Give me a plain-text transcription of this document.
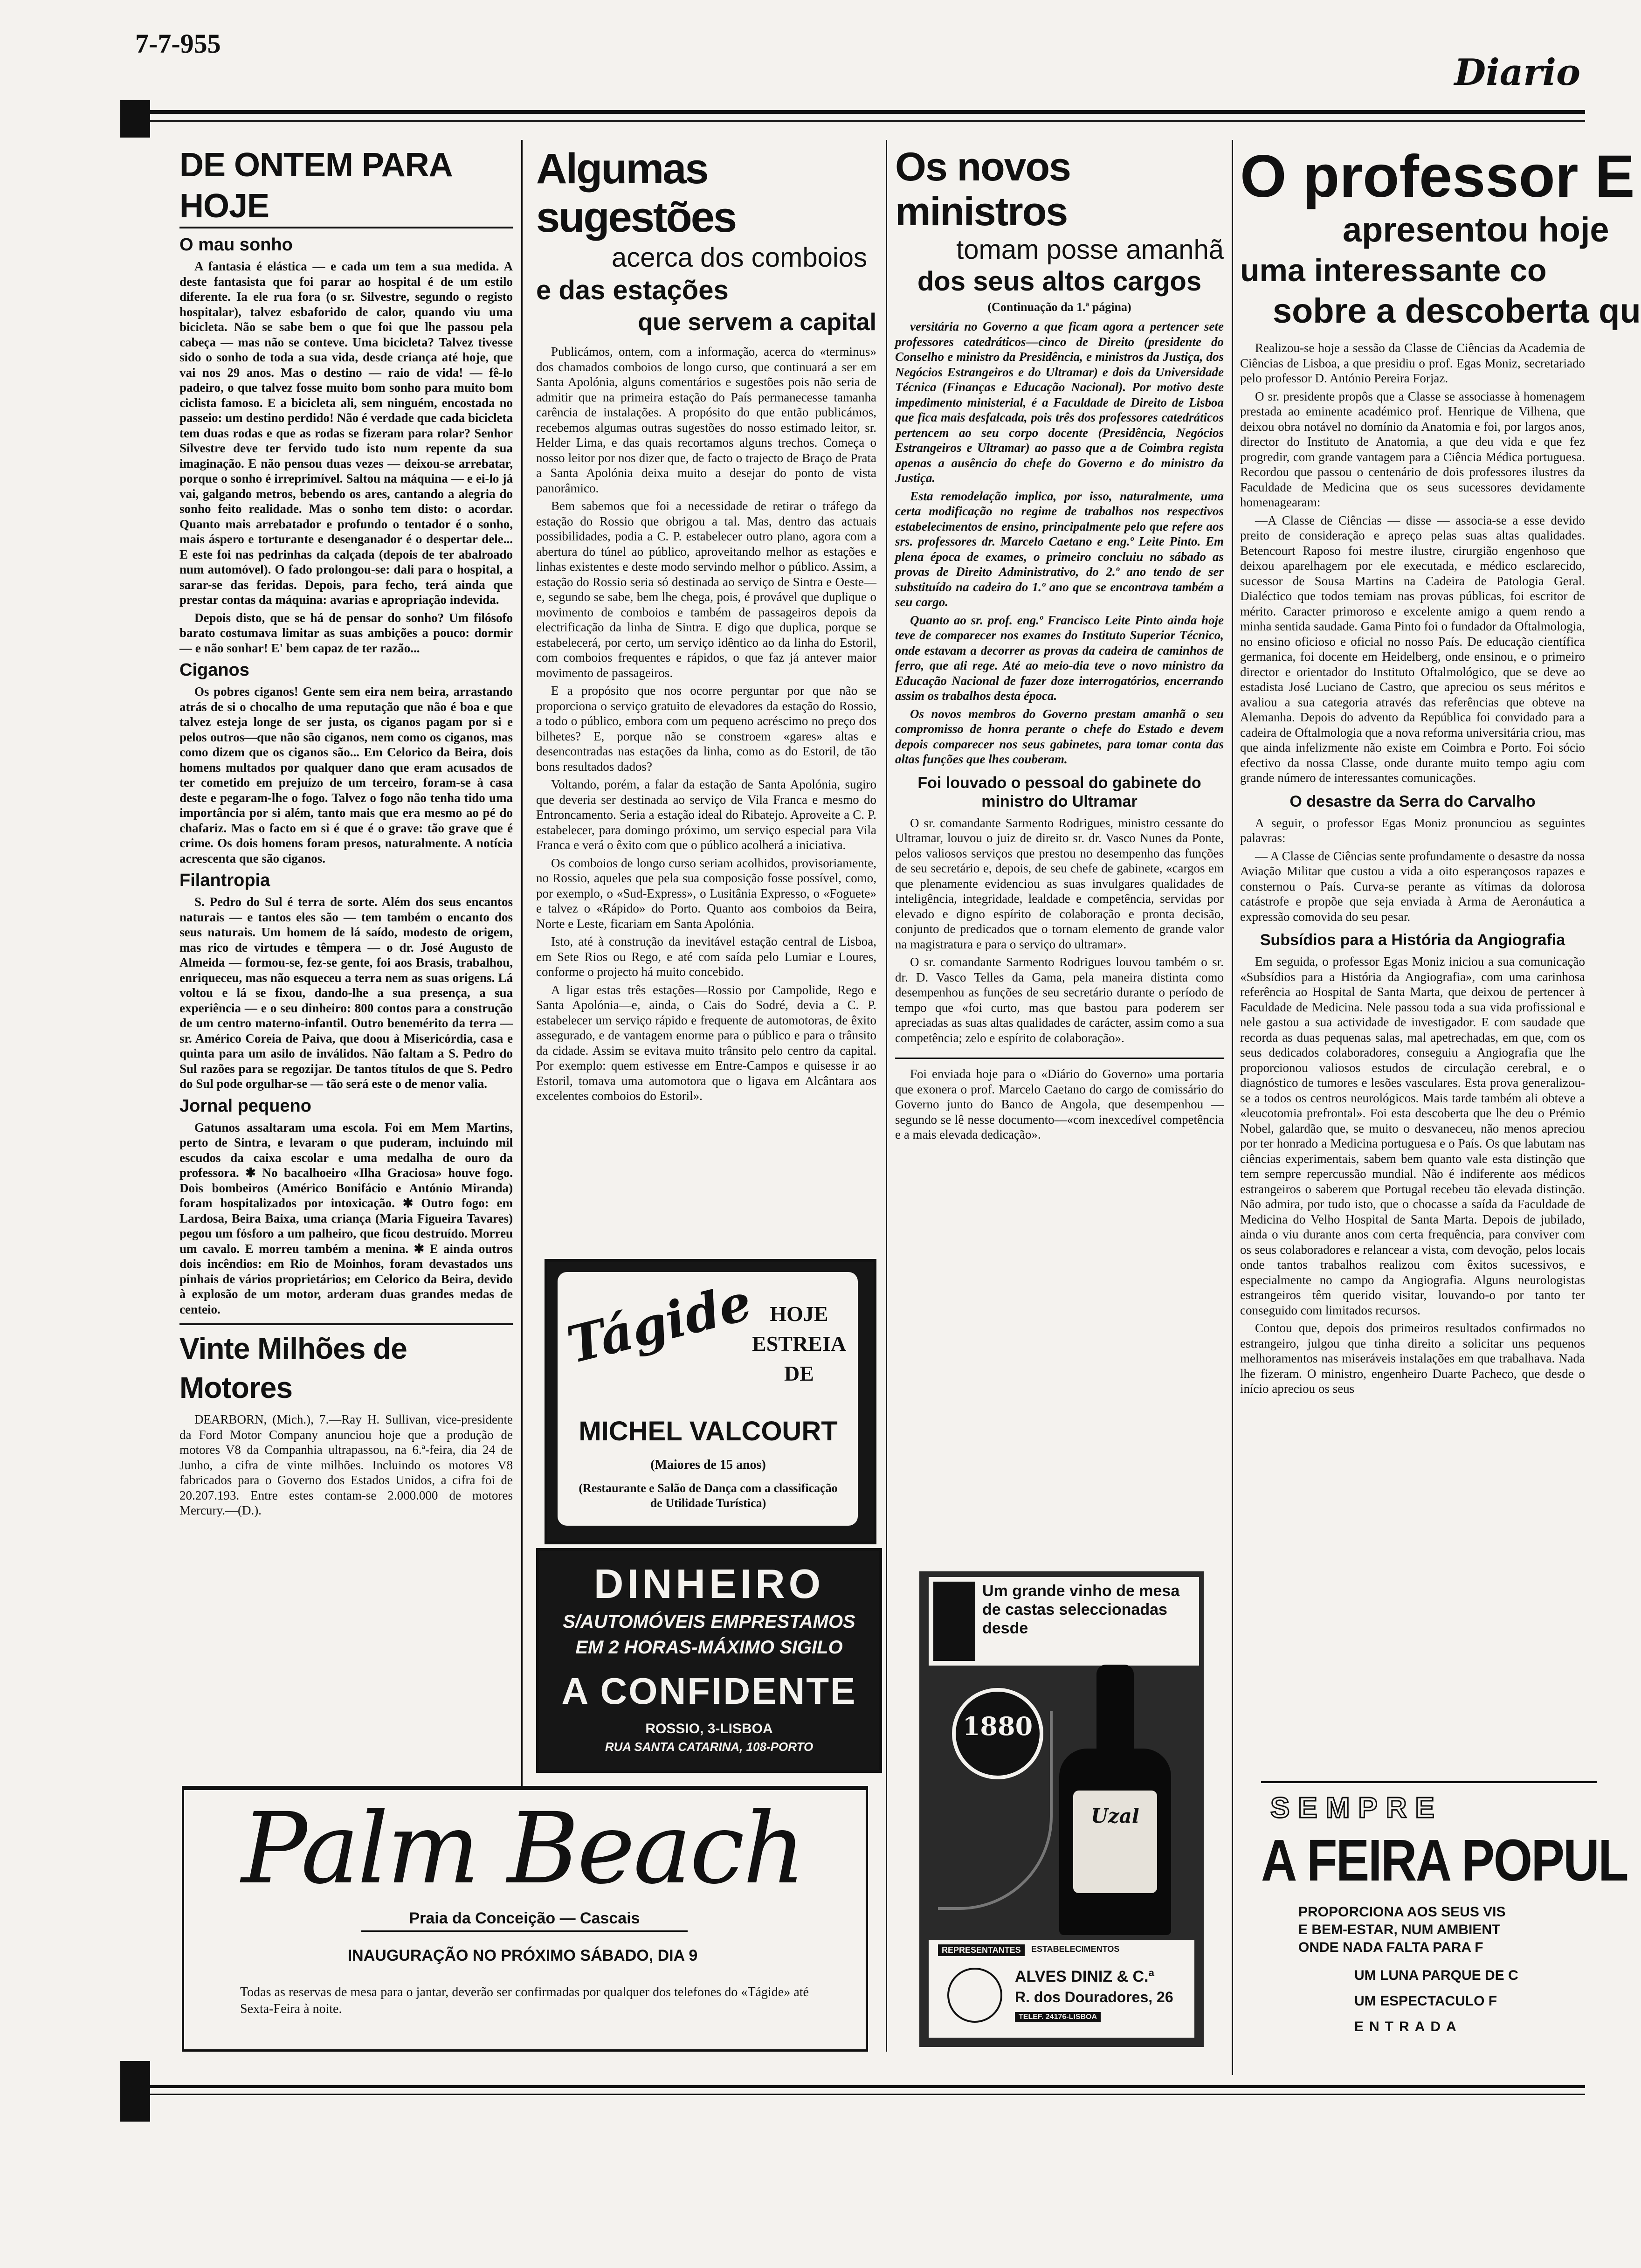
7-7-955
Diario
DE ONTEM PARA HOJE
O mau sonho

A fantasia é elástica — e cada um tem a sua medida. A deste fantasista que foi parar ao hospital é de um estilo diferente. Ia ele rua fora (o sr. Silvestre, segundo o registo hospitalar), talvez esbaforido de calor, quando viu uma bicicleta. Não se sabe bem o que foi que lhe passou pela cabeça — mas não se conteve. Uma bicicleta? Talvez tivesse sido o sonho de toda a sua vida, desde criança até hoje, que vai nos 29 anos. Mas o destino — raio de vida! — fê-lo padeiro, o que talvez fosse muito bom sonho para muito bom ciclista famoso. E a bicicleta ali, sem ninguém, encostada no passeio: um destino perdido! Não é verdade que cada bicicleta tem duas rodas e que as rodas se fizeram para rolar? Senhor Silvestre deve ter fervido tudo isto num repente da sua imaginação. E não pensou duas vezes — deixou-se arrebatar, porque o sonho é irreprimível. Saltou na máquina — e ei-lo já vai, galgando metros, bebendo os ares, cantando a alegria do sonho feito realidade. Mas o sonho tem disto: o acordar. Quanto mais arrebatador e profundo o tentador é o sonho, mais áspero e torturante e desenganador é o despertar dele... E este foi nas pedrinhas da calçada (depois de ter abalroado num automóvel). O fado prolongou-se: dali para o hospital, a sarar-se das feridas. Depois, para fecho, terá ainda que prestar contas da máquina: avarias e apropriação indevida.

Depois disto, que se há de pensar do sonho? Um filósofo barato costumava limitar as suas ambições a pouco: dormir — e não sonhar! E' bem capaz de ter razão...

Ciganos

Os pobres ciganos! Gente sem eira nem beira, arrastando atrás de si o chocalho de uma reputação que não é boa e que talvez esteja longe de ser justa, os ciganos pagam por si e pelos outros—que não são ciganos, nem como os ciganos, mas como dizem que os ciganos são... Em Celorico da Beira, dois homens multados por qualquer dano que eram acusados de ter cometido em prejuízo de um terceiro, foram-se à casa deste e pegaram-lhe o fogo. Talvez o fogo não tenha tido uma importância por si além, tanto mais que era mesmo ao pé do chafariz. Mas o facto em si é que é o grave: tão grave que é crime. Os dois homens foram presos, naturalmente. A notícia acrescenta que são ciganos.

Filantropia

S. Pedro do Sul é terra de sorte. Além dos seus encantos naturais — e tantos eles são — tem também o encanto dos seus naturais. Um homem de lá saído, modesto de origem, mas rico de virtudes e têmpera — o dr. José Augusto de Almeida — formou-se, fez-se gente, foi aos Brasis, trabalhou, enriqueceu, mas não esqueceu a terra nem as suas origens. Lá voltou e lá se fixou, dando-lhe a sua presença, a sua experiência — e o seu dinheiro: 800 contos para a construção de um centro materno-infantil. Outro benemérito da terra — sr. Américo Coreia de Paiva, que doou à Misericórdia, casa e quinta para um asilo de inválidos. Não faltam a S. Pedro do Sul razões para se regozijar. De tantos títulos de que S. Pedro do Sul pode orgulhar-se — tão será este o de menor valia.

Jornal pequeno

Gatunos assaltaram uma escola. Foi em Mem Martins, perto de Sintra, e levaram o que puderam, incluindo mil escudos da caixa escolar e uma medalha de ouro da professora. ✱ No bacalhoeiro «Ilha Graciosa» houve fogo. Dois bombeiros (Américo Bonifácio e António Miranda) foram hospitalizados por intoxicação. ✱ Outro fogo: em Lardosa, Beira Baixa, uma criança (Maria Figueira Tavares) pegou um fósforo a um palheiro, que ficou destruído. Morreu um cavalo. E morreu também a menina. ✱ E ainda outros dois incêndios: em Rio de Moinhos, foram devastados uns pinhais de vários proprietários; em Celorico da Beira, devido à explosão de um motor, arderam duas grandes medas de centeio.

Vinte Milhões de Motores

DEARBORN, (Mich.), 7.—Ray H. Sullivan, vice-presidente da Ford Motor Company anunciou hoje que a produção de motores V8 da Companhia ultrapassou, na 6.ª-feira, dia 24 de Junho, a cifra de vinte milhões. Incluindo os motores V8 fabricados para o Governo dos Estados Unidos, a cifra foi de 20.207.193. Entre estes contam-se 2.000.000 de motores Mercury.—(D.).

Algumas sugestões
acerca dos comboios
e das estações
que servem a capital

Publicámos, ontem, com a informação, acerca do «terminus» dos chamados comboios de longo curso, que continuará a ser em Santa Apolónia, alguns comentários e sugestões pois não seria de admitir que na primeira estação do País permanecesse tamanha carência de instalações. A propósito do que então publicámos, recebemos algumas outras sugestões do nosso estimado leitor, sr. Helder Lima, e das quais recortamos alguns trechos. Começa o nosso leitor por nos dizer que, de facto o trajecto de Braço de Prata a Santa Apolónia deixa muito a desejar do ponto de vista panorâmico.

Bem sabemos que foi a necessidade de retirar o tráfego da estação do Rossio que obrigou a tal. Mas, dentro das actuais possibilidades, podia a C. P. estabelecer outro plano, agora com a abertura do túnel ao público, aproveitando melhor as estações e linhas existentes e deste modo servindo melhor o público. Assim, a estação do Rossio seria só destinada ao serviço de Sintra e Oeste—e, segundo se sabe, bem lhe chega, pois, é provável que duplique o movimento de comboios e também de passageiros depois da electrificação da linha de Sintra. E digo que duplica, porque se estabelecerá, por certo, um serviço idêntico ao da linha do Estoril, com comboios frequentes e rápidos, o que faz já antever maior movimento de passageiros.

E a propósito que nos ocorre perguntar por que não se proporciona o serviço gratuito de elevadores da estação do Rossio, a todo o público, embora com um pequeno acréscimo no preço dos bilhetes? E, porque não se constroem «gares» altas e desencontradas nas estações da linha, como as do Estoril, de tão bons resultados dados?

Voltando, porém, a falar da estação de Santa Apolónia, sugiro que deveria ser destinada ao serviço de Vila Franca e mesmo do Entroncamento. Seria a estação ideal do Ribatejo. Aproveite a C. P. estabelecer, para domingo próximo, um serviço especial para Vila Franca e verá o êxito com que o público acolherá a iniciativa.

Os comboios de longo curso seriam acolhidos, provisoriamente, no Rossio, aqueles que pela sua composição fosse possível, como, por exemplo, o «Sud-Express», o Lusitânia Expresso, o «Foguete» e talvez o «Rápido» do Porto. Quanto aos comboios da Beira, Norte e Leste, ficariam em Santa Apolónia.

Isto, até à construção da inevitável estação central de Lisboa, em Sete Rios ou Rego, e até com saída pelo Lumiar e Loures, conforme o projecto há muito concebido.

A ligar estas três estações—Rossio por Campolide, Rego e Santa Apolónia—e, ainda, o Cais do Sodré, devia a C. P. estabelecer um serviço rápido e frequente de automotoras, de êxito assegurado, e de vantagem enorme para o público e para o trânsito da cidade. Assim se evitava muito trânsito pelo centro da capital. Por exemplo: quem estivesse em Entre-Campos e quisesse ir ao Estoril, tomava uma automotora que o ligava em Alcântara aos excelentes comboios do Estoril».

Os novos ministros
tomam posse amanhã
dos seus altos cargos
(Continuação da 1.ª página)

versitária no Governo a que ficam agora a pertencer sete professores catedráticos—cinco de Direito (presidente do Conselho e ministro da Presidência, e ministros da Justiça, dos Negócios Estrangeiros e do Ultramar) e dois da Universidade Técnica (Finanças e Educação Nacional). Por motivo deste impedimento ministerial, é a Faculdade de Direito de Lisboa que fica mais desfalcada, pois três dos professores catedráticos pertencem ao seu corpo docente (Presidência, Negócios Estrangeiros e Ultramar) ao passo que a de Coimbra regista apenas a ausência do chefe do Governo e do ministro da Justiça.

Esta remodelação implica, por isso, naturalmente, uma certa modificação no regime de trabalhos nos respectivos estabelecimentos de ensino, principalmente pelo que refere aos srs. professores dr. Marcelo Caetano e eng.º Leite Pinto. Em plena época de exames, o primeiro concluiu no sábado as provas de Direito Administrativo, do 2.º ano tendo de ser substituído na cadeira do 1.º ano que se encontrava também a seu cargo.

Quanto ao sr. prof. eng.º Francisco Leite Pinto ainda hoje teve de comparecer nos exames do Instituto Superior Técnico, onde estavam a decorrer as provas da cadeira de caminhos de ferro, que ali rege. Até ao meio-dia teve o novo ministro da Educação Nacional de fazer doze interrogatórios, encerrando assim os trabalhos desta época.

Os novos membros do Governo prestam amanhã o seu compromisso de honra perante o chefe do Estado e devem depois comparecer nos seus gabinetes, para tomar conta das altas funções que lhes couberam.

Foi louvado o pessoal do gabinete do ministro do Ultramar

O sr. comandante Sarmento Rodrigues, ministro cessante do Ultramar, louvou o juiz de direito sr. dr. Vasco Nunes da Ponte, pelos valiosos serviços que prestou no desempenho das funções de seu secretário e, depois, de seu chefe de gabinete, «cargos em que plenamente evidenciou as suas invulgares qualidades de inteligência, integridade, lealdade e competência, servidas por elevado e digno espírito de colaboração e pronta decisão, conjunto de predicados que o tornam elemento de grande valor na magistratura e para o serviço do ultramar».

O sr. comandante Sarmento Rodrigues louvou também o sr. dr. D. Vasco Telles da Gama, pela maneira distinta como desempenhou as funções de seu secretário durante o período de tempo que «foi curto, mas que bastou para poderem ser apreciadas as suas altas qualidades de carácter, assim como a sua competência; zelo e espírito de colaboração».

Foi enviada hoje para o «Diário do Governo» uma portaria que exonera o prof. Marcelo Caetano do cargo de comissário do Governo junto do Banco de Angola, que desempenhou —segundo se lê nesse documento—«com inexcedível competência e a mais elevada dedicação».

O professor E
apresentou hoje
uma interessante co
sobre a descoberta qu

Realizou-se hoje a sessão da Classe de Ciências da Academia de Ciências de Lisboa, a que presidiu o prof. Egas Moniz, secretariado pelo professor D. António Pereira Forjaz.

O sr. presidente propôs que a Classe se associasse à homenagem prestada ao eminente académico prof. Henrique de Vilhena, que deixou obra notável no domínio da Anatomia e foi, por largos anos, director do Instituto de Anatomia, a que deu vida e que fez progredir, com grande vantagem para a Ciência Médica portuguesa. Recordou que passou o centenário de dois professores ilustres da Faculdade de Medicina que os seus sucessores devidamente homenagearam:

—A Classe de Ciências — disse — associa-se a esse devido preito de consideração e apreço pelas suas altas qualidades. Betencourt Raposo foi mestre ilustre, cirurgião engenhoso que deixou aparelhagem por ele executada, e médico esclarecido, sucessor de Sousa Martins na Cadeira de Patologia Geral. Dialéctico que todos temiam nas provas públicas, foi escritor de mérito. Caracter primoroso e excelente amigo a quem rendo a minha sentida saudade. Gama Pinto foi o fundador da Oftalmologia, no ensino oficioso e oficial no nosso País. De educação científica germanica, foi docente em Heidelberg, onde ensinou, e o primeiro director e orientador do Instituto Oftalmológico, que se deve ao estadista José Luciano de Castro, que apreciou os seus méritos e avaliou a sua categoria através das referências que obteve na Alemanha. Depois do advento da República foi convidado para a cadeira de Oftalmologia que a nova reforma universitária criou, mas que ainda infelizmente não existe em Coimbra e Porto. Foi sócio efectivo da nossa Classe, onde durante muito tempo agiu com grande número de interessantes comunicações.

O desastre da Serra do Carvalho

A seguir, o professor Egas Moniz pronunciou as seguintes palavras:

— A Classe de Ciências sente profundamente o desastre da nossa Aviação Militar que custou a vida a oito esperançosos rapazes e consternou o País. Curva-se perante as vítimas da dolorosa catástrofe e propõe que seja enviada à Arma de Aeronáutica a expressão comovida do seu pesar.

Subsídios para a História da Angiografia

Em seguida, o professor Egas Moniz iniciou a sua comunicação «Subsídios para a História da Angiografia», com uma carinhosa referência ao Hospital de Santa Marta, que deixou de pertencer à Faculdade de Medicina. Nele passou toda a sua vida profissional e nele gastou a sua actividade de investigador. E com saudade que recorda as duas pequenas salas, mal apetrechadas, em que, com os seus dedicados colaboradores, conseguiu a Angiografia que lhe proporcionou valiosos estudos de circulação cerebral, e o diagnóstico de tumores e lesões vasculares. Esta prova generalizou-se a todos os centros neurológicos. Mais tarde também ali obteve a «leucotomia prefrontal». Foi esta descoberta que lhe deu o Prémio Nobel, galardão que, se muito o desvaneceu, não menos apreciou por ter honrado a Medicina portuguesa e o País. Os que labutam nas ciências experimentais, sabem bem quanto vale esta distinção que tem sempre repercussão mundial. Não é indiferente aos médicos estrangeiros o saberem que Portugal recebeu tão elevada distinção. Não admira, por tudo isto, que o chocasse a saída da Faculdade de Medicina do Velho Hospital de Santa Marta. Depois de jubilado, ainda o viu durante anos com certa frequência, para conviver com os seus colaboradores e relancear a vista, com devoção, pelos locais onde tantos trabalhos realizou com êxitos sucessivos, e especialmente no campo da Angiografia. Alguns neurologistas estrangeiros têm querido visitar, louvando-o por tanto ter conseguido com limitados recursos.

Contou que, depois dos primeiros resultados confirmados no estrangeiro, julgou que tinha direito a solicitar uns pequenos melhoramentos nas miseráveis instalações em que trabalhava. Nada lhe fizeram. O ministro, engenheiro Duarte Pacheco, que desde o início apreciou os seus

Tágide HOJE
ESTREIA
DE
MICHEL VALCOURT
(Maiores de 15 anos)
(Restaurante e Salão de Dança com a classificação de Utilidade Turística)
DINHEIRO
S/AUTOMÓVEIS EMPRESTAMOS
EM 2 HORAS-MÁXIMO SIGILO
A CONFIDENTE
ROSSIO, 3-LISBOA
RUA SANTA CATARINA, 108-PORTO
Palm Beach
Praia da Conceição — Cascais
INAUGURAÇÃO NO PRÓXIMO SÁBADO, DIA 9
Todas as reservas de mesa para o jantar, deverão ser confirmadas por qualquer dos telefones do «Tágide» até Sexta-Feira à noite.
Um grande vinho de mesa de castas seleccionadas desde
1880
Uzal
REPRESENTANTES	ESTABELECIMENTOS
ALVES DINIZ & C.ª
R. dos Douradores, 26
TELEF. 24176-LISBOA
SEMPRE
A FEIRA POPUL
PROPORCIONA AOS SEUS VIS
E BEM-ESTAR, NUM AMBIENT
ONDE NADA FALTA PARA F
UM LUNA PARQUE DE C
UM ESPECTACULO F
ENTRADA
